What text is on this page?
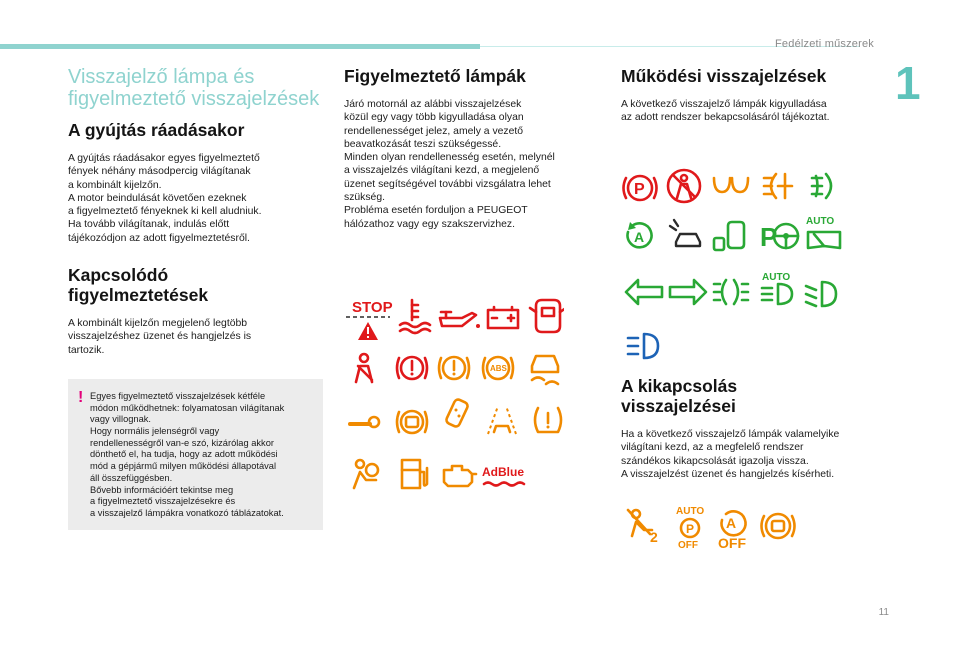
Fedélzeti műszerek
1
11
Visszajelző lámpa és
figyelmeztető visszajelzések
A gyújtás ráadásakor

A gyújtás ráadásakor egyes figyelmeztető
fények néhány másodpercig világítanak
a kombinált kijelzőn.
A motor beindulását követően ezeknek
a figyelmeztető fényeknek ki kell aludniuk.
Ha tovább világítanak, indulás előtt
tájékozódjon az adott figyelmeztetésről.

Kapcsolódó
figyelmeztetések

A kombinált kijelzőn megjelenő legtöbb
visszajelzéshez üzenet és hangjelzés is
tartozik.

! Egyes figyelmeztető visszajelzések kétféle
módon működhetnek: folyamatosan világítanak
vagy villognak.
Hogy normális jelenségről vagy
rendellenességről van-e szó, kizárólag akkor
dönthető el, ha tudja, hogy az adott működési
mód a gépjármű milyen működési állapotával
áll összefüggésben.
Bővebb információért tekintse meg
a figyelmeztető visszajelzésekre és
a visszajelző lámpákra vonatkozó táblázatokat.

Figyelmeztető lámpák

Járó motornál az alábbi visszajelzések
közül egy vagy több kigyulladása olyan
rendellenességet jelez, amely a vezető
beavatkozását teszi szükségessé.
Minden olyan rendellenesség esetén, melynél
a visszajelzés világítani kezd, a megjelenő
üzenet segítségével további vizsgálatra lehet
szükség.
Probléma esetén forduljon a PEUGEOT
hálózathoz vagy egy szakszervizhez.

STOP
ABS
AdBlue
Működési visszajelzések

A következő visszajelző lámpák kigyulladása
az adott rendszer bekapcsolásáról tájékoztat.

P
A	P
AUTO
AUTO
A kikapcsolás
visszajelzései

Ha a következő visszajelző lámpák valamelyike
világítani kezd, az a megfelelő rendszer
szándékos kikapcsolását igazolja vissza.
A visszajelzést üzenet és hangjelzés kísérheti.

2
AUTO
P
OFF
A
OFF
